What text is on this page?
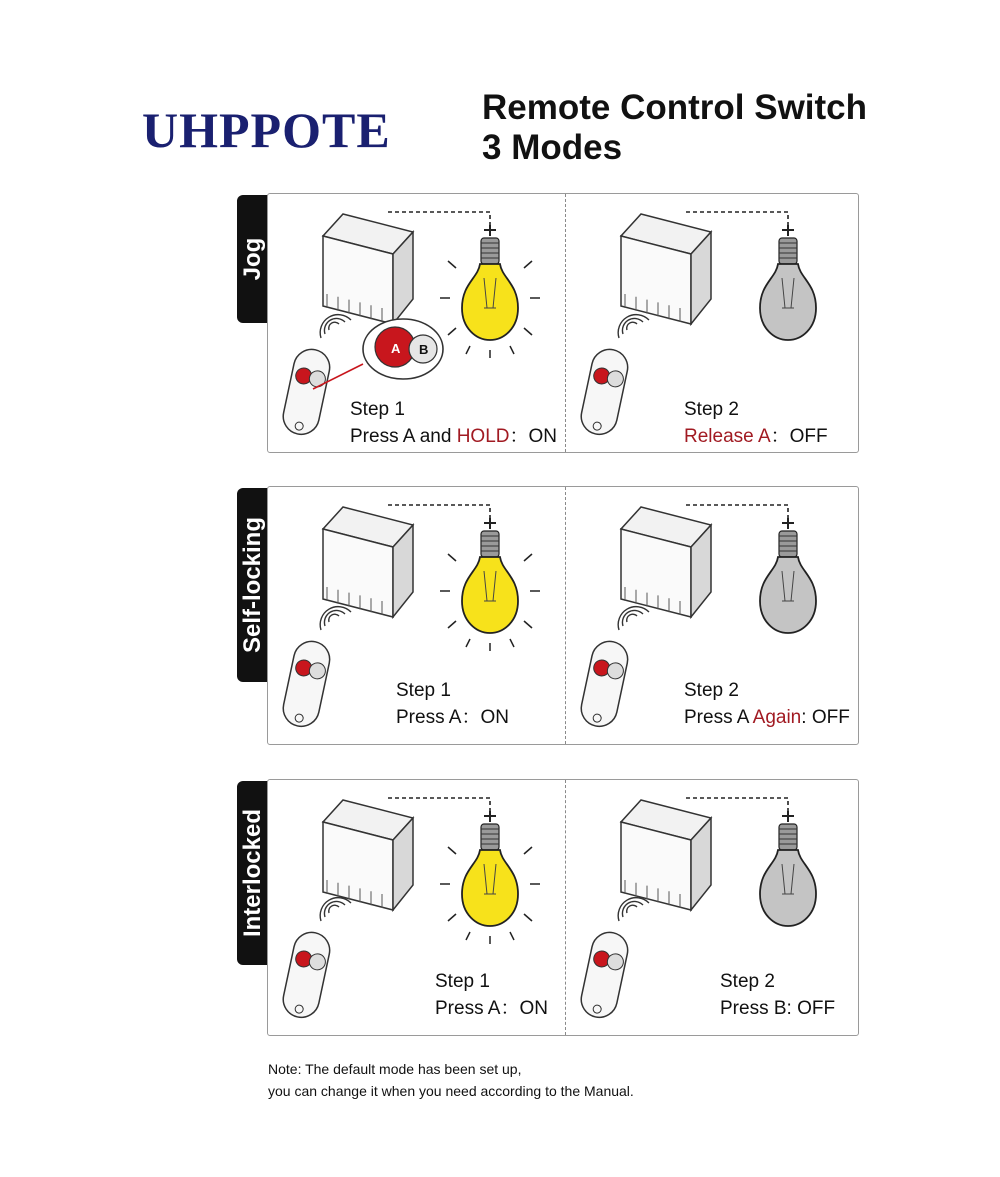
UHPPOTE	Remote Control Switch
3 Modes
Jog
A B
Step 1
Press A and HOLD：ON
Step 2
Release A：OFF
Self-locking
Step 1
Press A：ON
Step 2
Press A Again: OFF
Interlocked
Step 1
Press A：ON
Step 2
Press B: OFF
Note: The default mode has been set up,
you can change it when you need according to the Manual.
